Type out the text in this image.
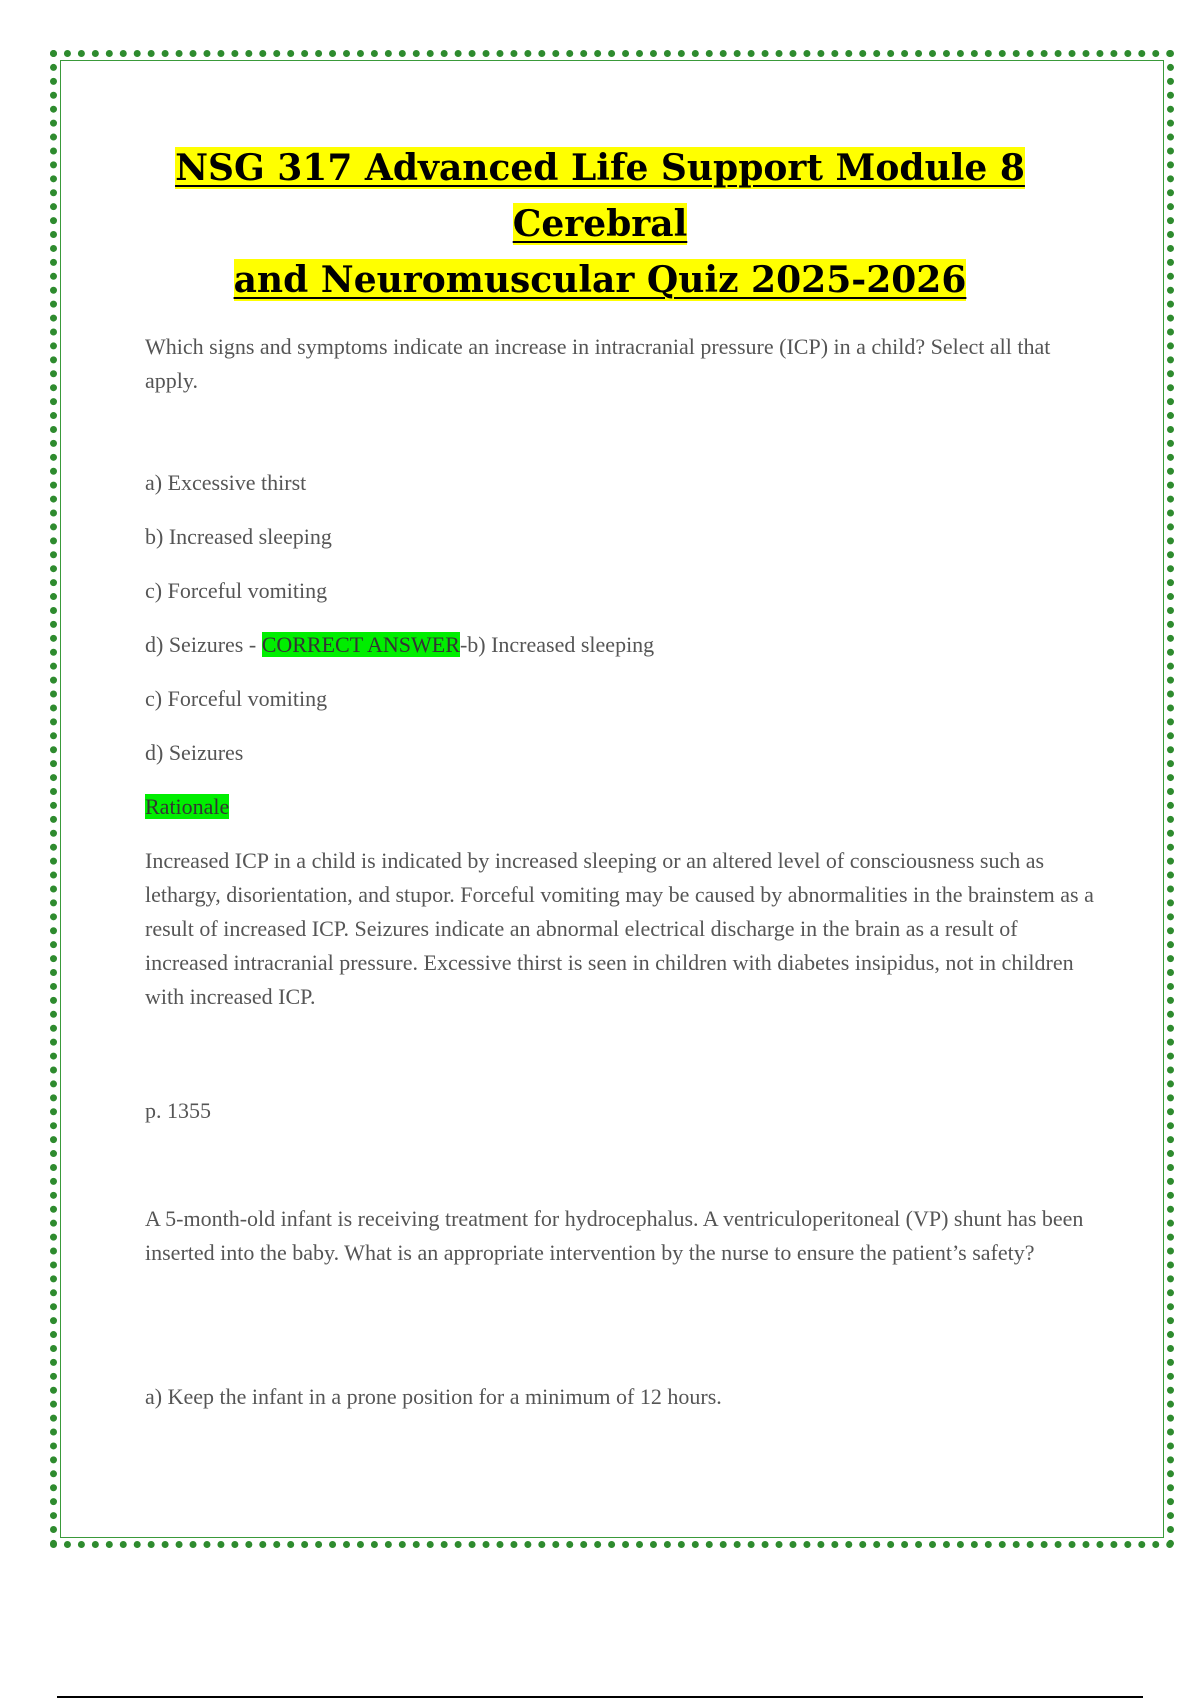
NSG 317 Advanced Life Support Module 8 Cerebral
and Neuromuscular Quiz 2025-2026

Which signs and symptoms indicate an increase in intracranial pressure (ICP) in a child? Select all that apply.

a) Excessive thirst

b) Increased sleeping

c) Forceful vomiting

d) Seizures - CORRECT ANSWER-b) Increased sleeping

c) Forceful vomiting

d) Seizures

Rationale

Increased ICP in a child is indicated by increased sleeping or an altered level of consciousness such as lethargy, disorientation, and stupor. Forceful vomiting may be caused by abnormalities in the brainstem as a result of increased ICP. Seizures indicate an abnormal electrical discharge in the brain as a result of increased intracranial pressure. Excessive thirst is seen in children with diabetes insipidus, not in children with increased ICP.

p. 1355

A 5-month-old infant is receiving treatment for hydrocephalus. A ventriculoperitoneal (VP) shunt has been inserted into the baby. What is an appropriate intervention by the nurse to ensure the patient’s safety?

a) Keep the infant in a prone position for a minimum of 12 hours.
